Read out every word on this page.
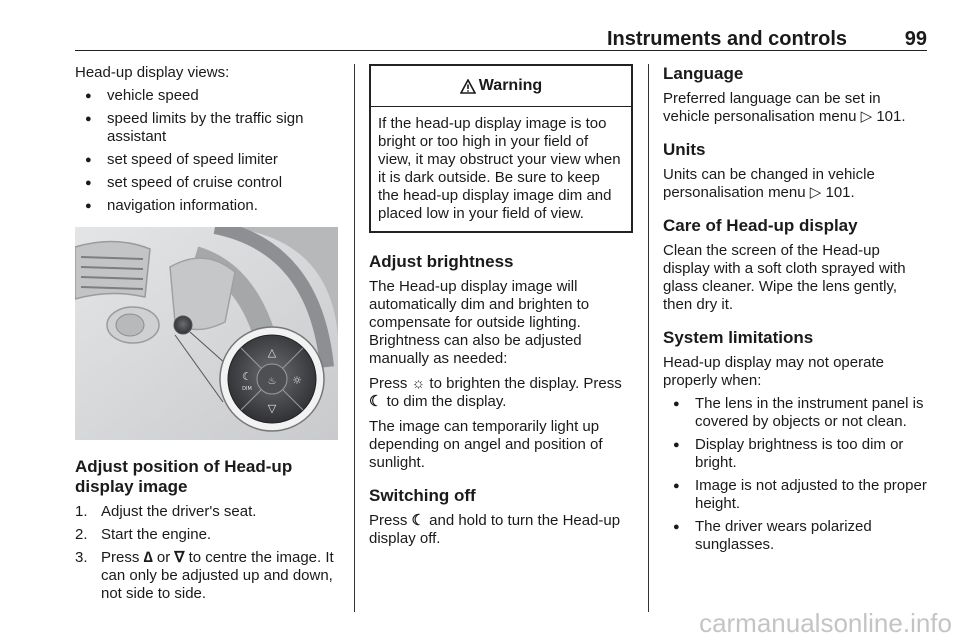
Instruments and controls	99

Head-up display views:

● vehicle speed
● speed limits by the traffic sign assistant
● set speed of speed limiter
● set speed of cruise control
● navigation information.
△
▽
☼
☾ ♨
DIM
Adjust position of Head-up display image
1. Adjust the driver's seat.
2. Start the engine.
3. Press ∆ or ∇ to centre the image. It can only be adjusted up and down, not side to side.
Warning
If the head-up display image is too bright or too high in your field of view, it may obstruct your view when it is dark outside. Be sure to keep the head-up display image dim and placed low in your field of view.
Adjust brightness

The Head-up display image will automatically dim and brighten to compensate for outside lighting. Brightness can also be adjusted manually as needed:

Press ☼ to brighten the display. Press ☾ to dim the display.

The image can temporarily light up depending on angel and position of sunlight.

Switching off

Press ☾ and hold to turn the Head-up display off.

Language

Preferred language can be set in vehicle personalisation menu ▷ 101.

Units

Units can be changed in vehicle personalisation menu ▷ 101.

Care of Head-up display

Clean the screen of the Head-up display with a soft cloth sprayed with glass cleaner. Wipe the lens gently, then dry it.

System limitations

Head-up display may not operate properly when:

● The lens in the instrument panel is covered by objects or not clean.
● Display brightness is too dim or bright.
● Image is not adjusted to the proper height.
● The driver wears polarized sunglasses.
carmanualsonline.info
